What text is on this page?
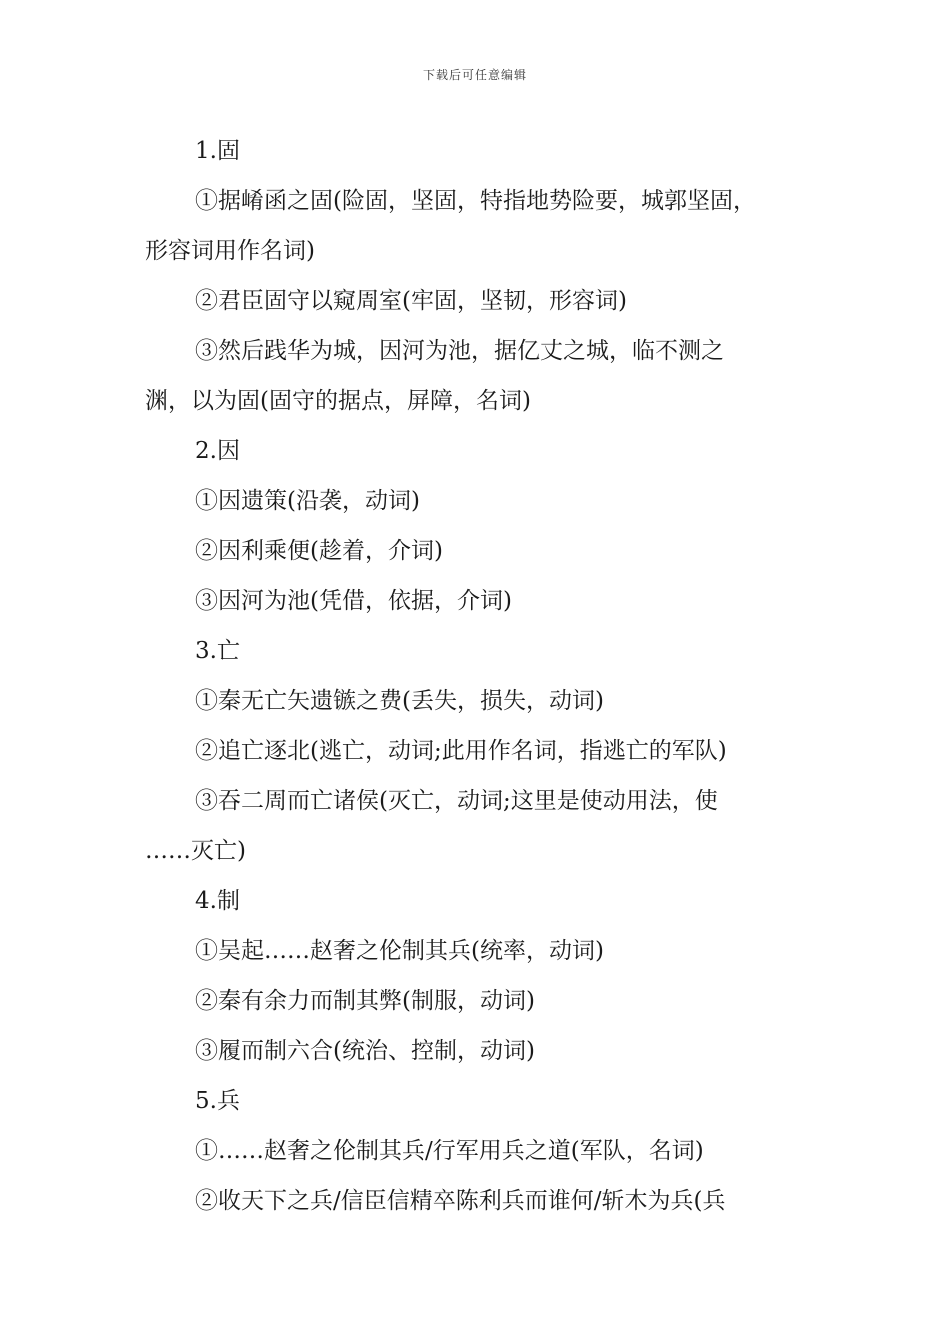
下载后可任意编辑

1.固

①据崤函之固(险固，坚固，特指地势险要，城郭坚固，

形容词用作名词)

②君臣固守以窥周室(牢固，坚韧，形容词)

③然后践华为城，因河为池，据亿丈之城，临不测之

渊，以为固(固守的据点，屏障，名词)

2.因

①因遗策(沿袭，动词)

②因利乘便(趁着，介词)

③因河为池(凭借，依据，介词)

3.亡

①秦无亡矢遗镞之费(丢失，损失，动词)

②追亡逐北(逃亡，动词;此用作名词，指逃亡的军队)

③吞二周而亡诸侯(灭亡，动词;这里是使动用法，使

……灭亡)

4.制

①吴起……赵奢之伦制其兵(统率，动词)

②秦有余力而制其弊(制服，动词)

③履而制六合(统治、控制，动词)

5.兵

①……赵奢之伦制其兵/行军用兵之道(军队，名词)

②收天下之兵/信臣信精卒陈利兵而谁何/斩木为兵(兵
